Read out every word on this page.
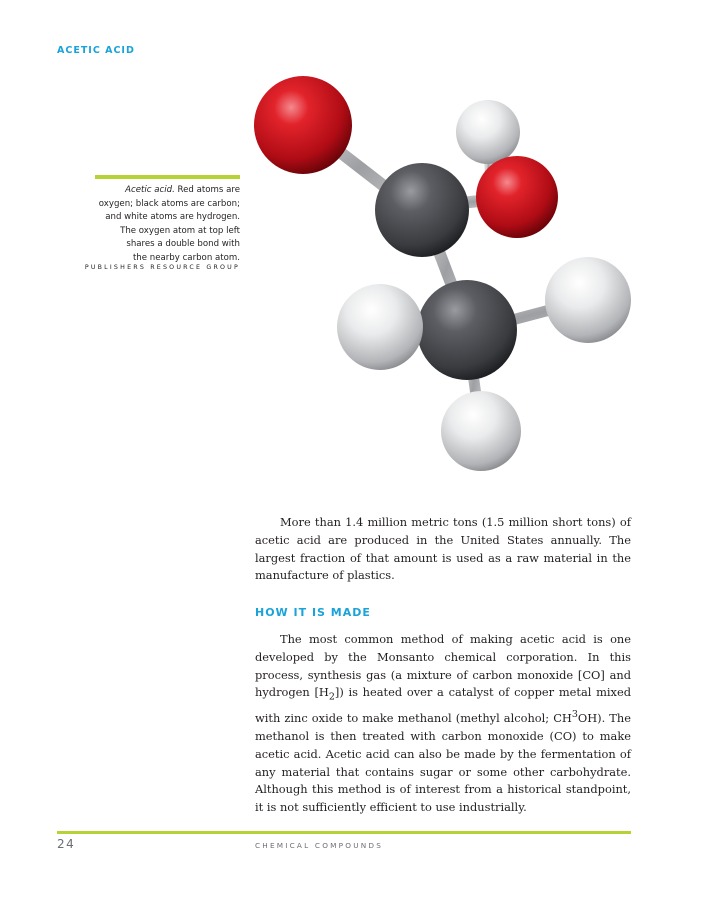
ACETIC ACID
Acetic acid. Red atoms are
oxygen; black atoms are carbon;
and white atoms are hydrogen.
The oxygen atom at top left
shares a double bond with
the nearby carbon atom.
PUBLISHERS RESOURCE GROUP

More than 1.4 million metric tons (1.5 million short tons) of acetic acid are produced in the United States annually. The largest fraction of that amount is used as a raw material in the manufacture of plastics.

HOW IT IS MADE

The most common method of making acetic acid is one developed by the Monsanto chemical corporation. In this process, synthesis gas (a mixture of carbon monoxide [CO] and hydrogen $[H_2]$) is heated over a catalyst of copper metal mixed with zinc oxide to make methanol (methyl alcohol; $CH^3OH$). The methanol is then treated with carbon monoxide (CO) to make acetic acid. Acetic acid can also be made by the fermentation of any material that contains sugar or some other carbohydrate. Although this method is of interest from a historical standpoint, it is not sufficiently efficient to use industrially.

24	CHEMICAL COMPOUNDS
